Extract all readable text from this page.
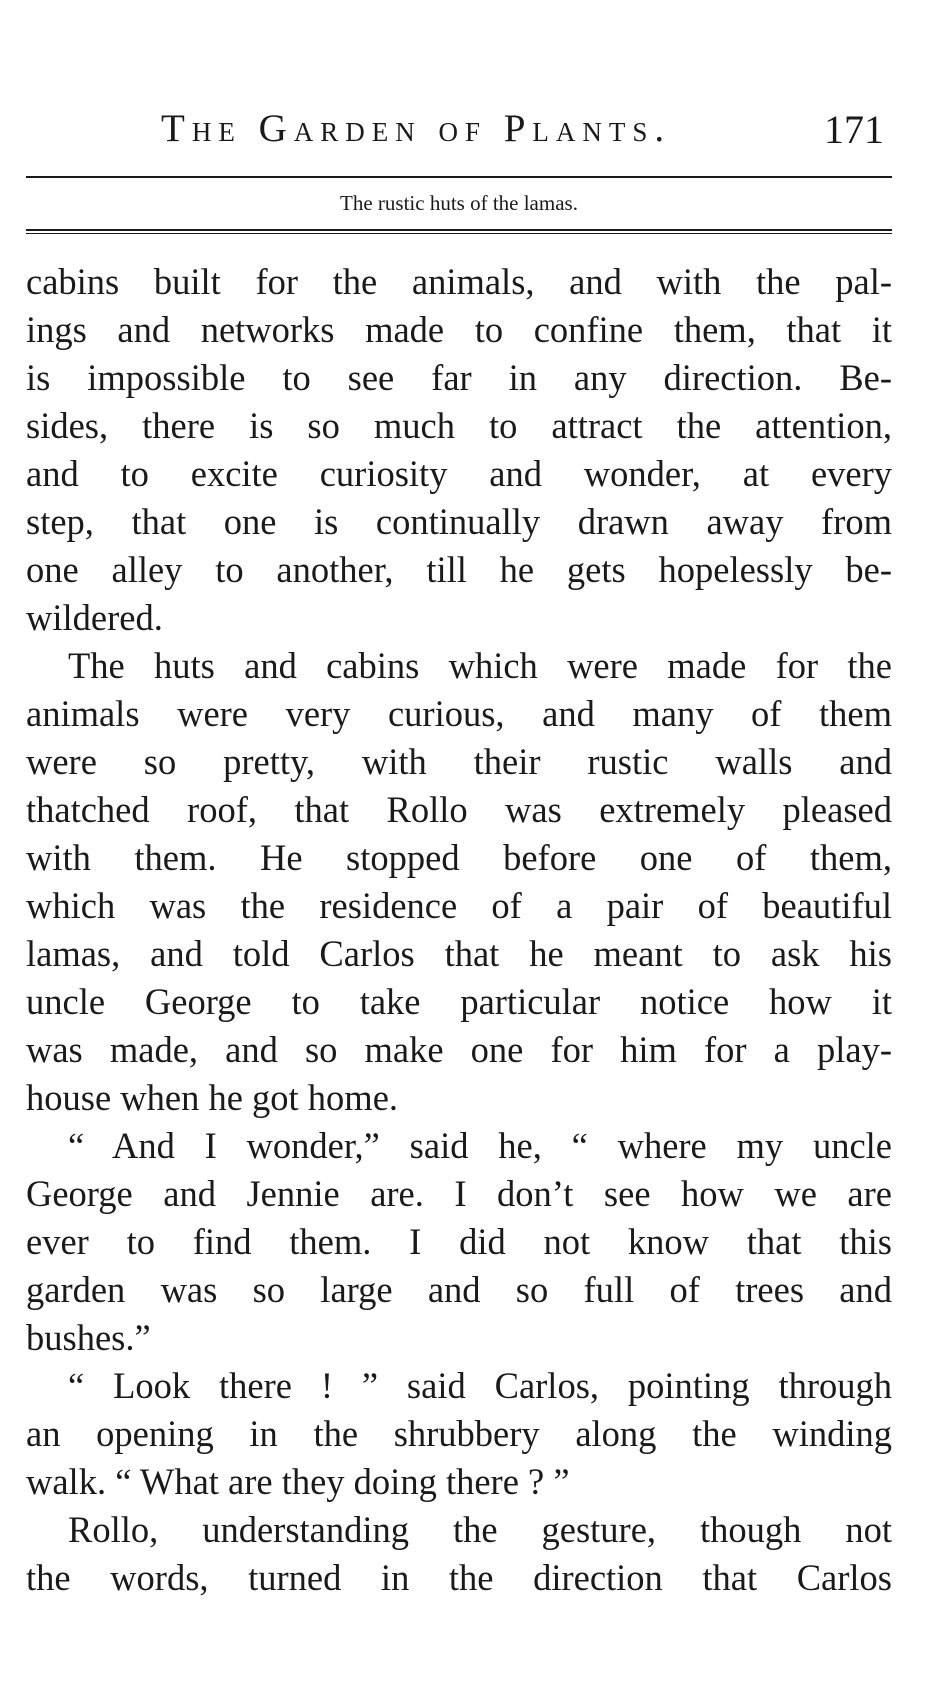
The Garden of Plants.	171
The rustic huts of the lamas.
cabins built for the animals, and with the pal-
ings and networks made to confine them, that it
is impossible to see far in any direction. Be-
sides, there is so much to attract the attention,
and to excite curiosity and wonder, at every
step, that one is continually drawn away from
one alley to another, till he gets hopelessly be-
wildered.
The huts and cabins which were made for the
animals were very curious, and many of them
were so pretty, with their rustic walls and
thatched roof, that Rollo was extremely pleased
with them. He stopped before one of them,
which was the residence of a pair of beautiful
lamas, and told Carlos that he meant to ask his
uncle George to take particular notice how it
was made, and so make one for him for a play-
house when he got home.
“ And I wonder,” said he, “ where my uncle
George and Jennie are. I don’t see how we are
ever to find them. I did not know that this
garden was so large and so full of trees and
bushes.”
“ Look there ! ” said Carlos, pointing through
an opening in the shrubbery along the winding
walk. “ What are they doing there ? ”
Rollo, understanding the gesture, though not
the words, turned in the direction that Carlos
